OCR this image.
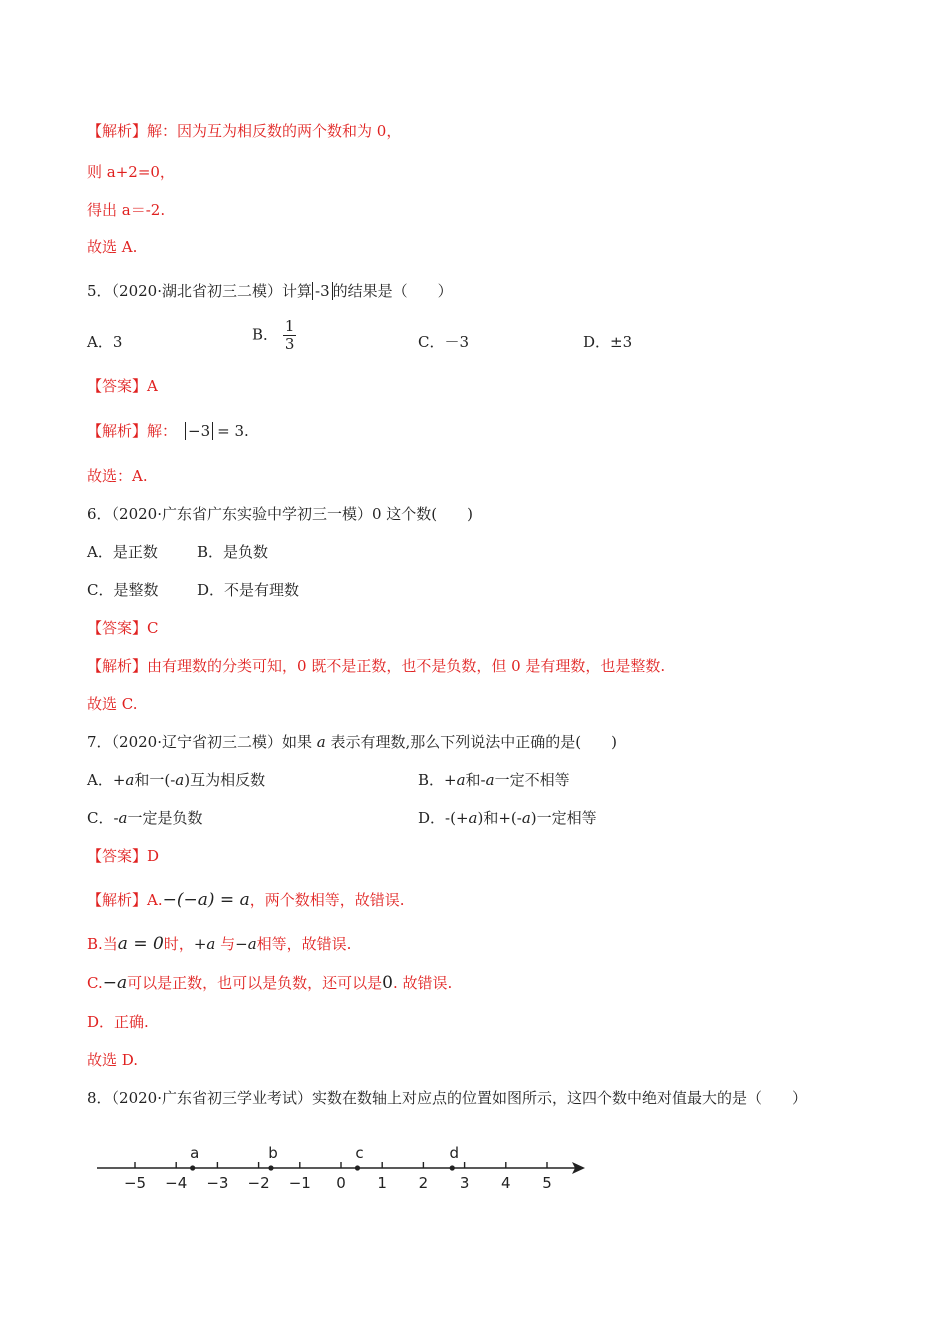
【解析】解：因为互为相反数的两个数和为 0，
则 a+2=0，
得出 a＝-2.
故选 A.
5．（2020·湖北省初三二模）计算 -3 的结果是（　　）
A．3	B． $\frac{1}{3}$	C．－3	D．±3
【答案】A
【解析】解： −3 = 3.
故选：A.
6．（2020·广东省广东实验中学初三一模）0 这个数(　　)
A．是正数	B．是负数
C．是整数	D．不是有理数
【答案】C
【解析】由有理数的分类可知，0 既不是正数，也不是负数，但 0 是有理数，也是整数.
故选 C.
7．（2020·辽宁省初三二模）如果 a 表示有理数,那么下列说法中正确的是(　　)
A．+a和一(-a)互为相反数	B．+a和-a一定不相等
C．-a一定是负数	D．-(+a)和+(-a)一定相等
【答案】D
【解析】A.−(−a) = a，两个数相等，故错误.
B.当a = 0时，+a 与−a相等，故错误.
C.−a可以是正数，也可以是负数，还可以是0. 故错误.
D．正确.
故选 D.
8．（2020·广东省初三学业考试）实数在数轴上对应点的位置如图所示，这四个数中绝对值最大的是（　　）
−5 −4 −3 −2 −1 0 1 2 3 4 5
a	b	c	d
